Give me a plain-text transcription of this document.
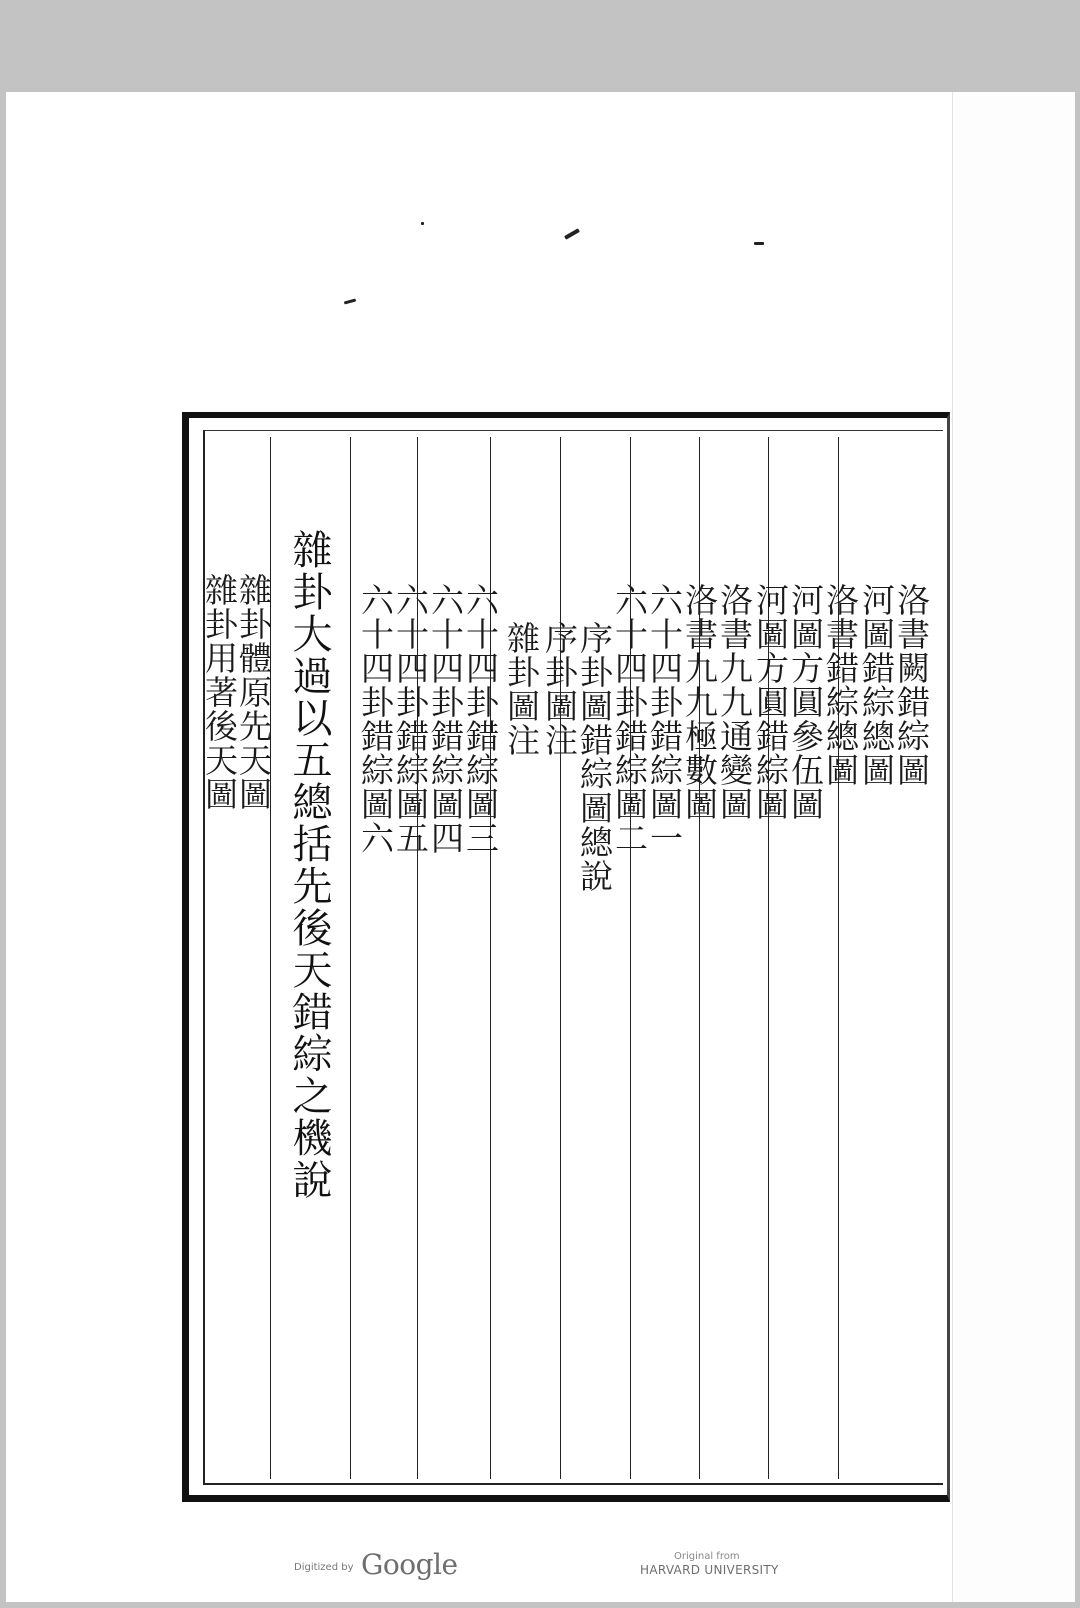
洛書闕錯綜圖
河圖錯綜總圖
洛書錯綜總圖
河圖方圓參伍圖
河圖方圓錯綜圖
洛書九九通變圖
洛書九九極數圖
六十四卦錯綜圖一
六十四卦錯綜圖二
序卦圖錯綜圖總說
序卦圖注
雜卦圖注
六十四卦錯綜圖三
六十四卦錯綜圖四
六十四卦錯綜圖五
六十四卦錯綜圖六
雜卦大過以五總括先後天錯綜之機說
雜卦體原先天圖
雜卦用著後天圖
Digitized by Google	Original from
HARVARD UNIVERSITY
